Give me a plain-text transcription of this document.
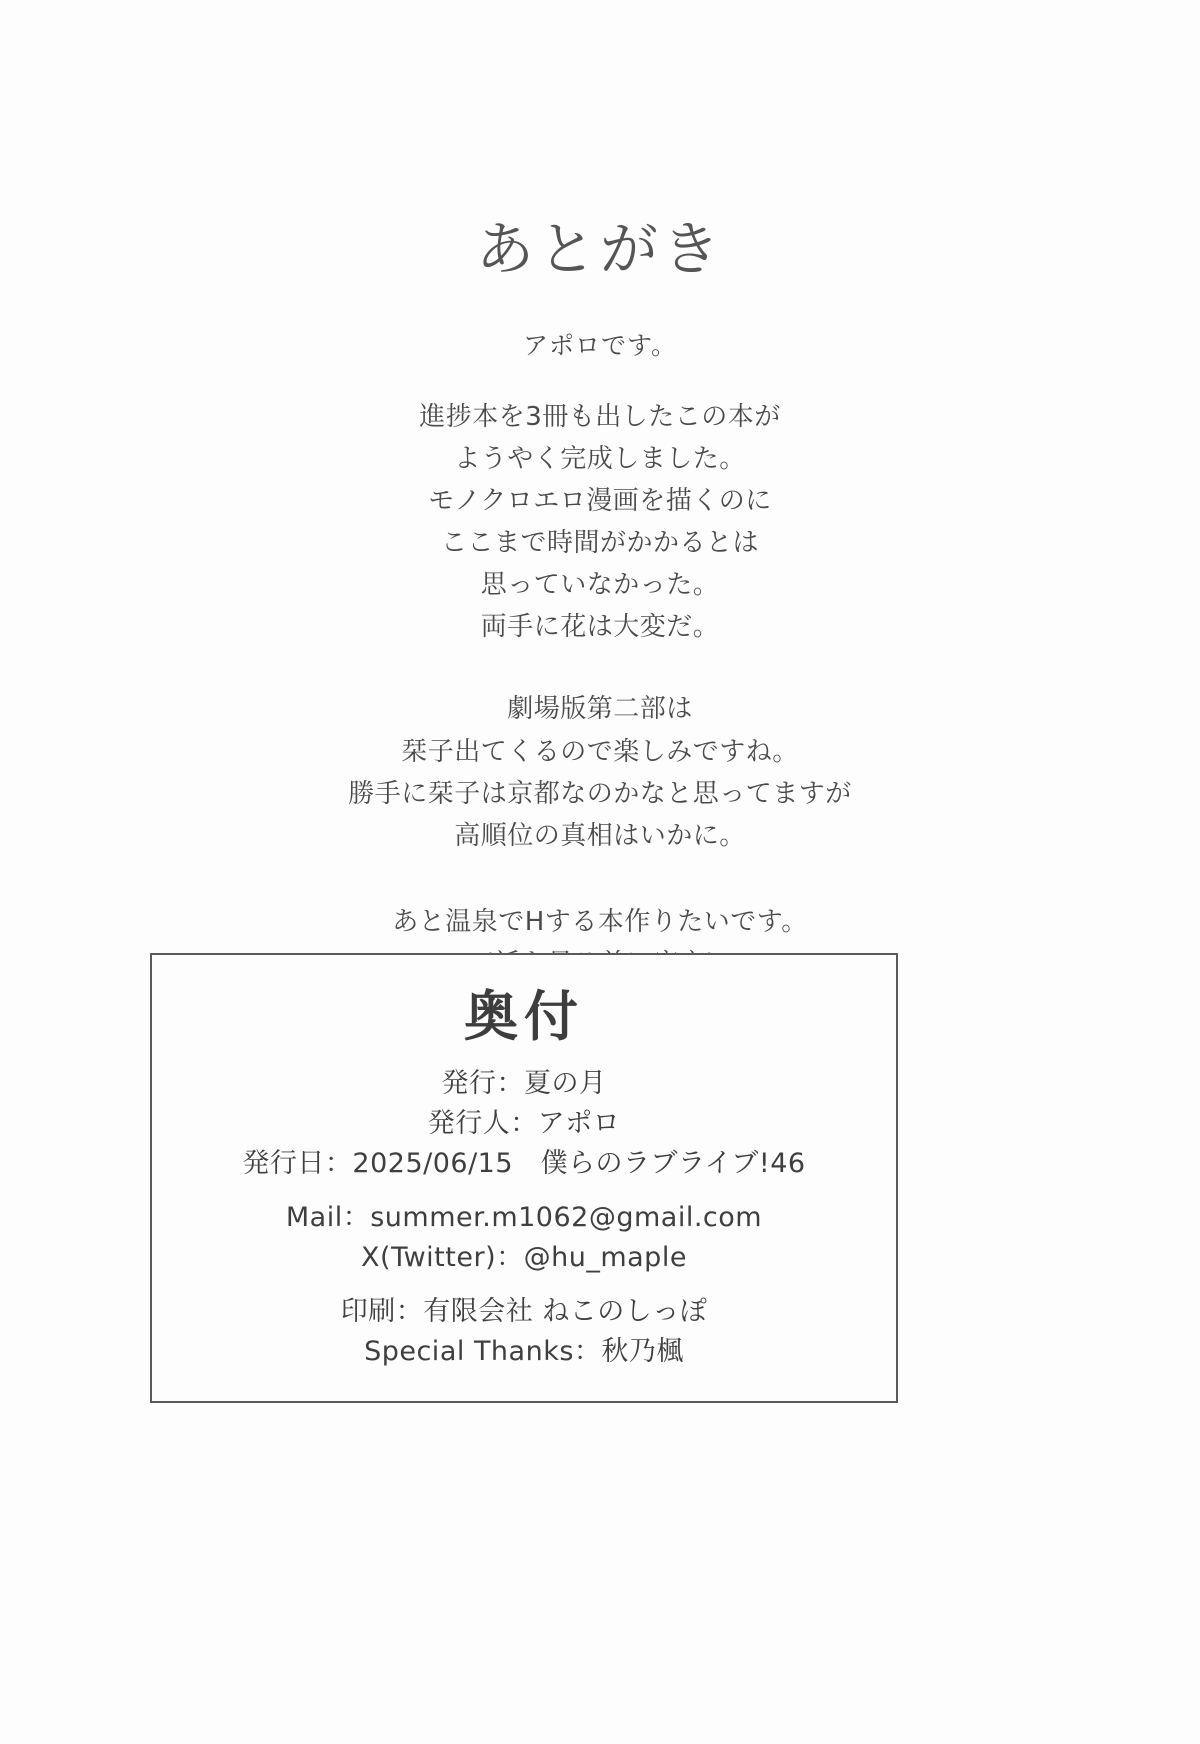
あとがき
アポロです。
進捗本を3冊も出したこの本が
ようやく完成しました。
モノクロエロ漫画を描くのに
ここまで時間がかかるとは
思っていなかった。
両手に花は大変だ。
劇場版第二部は
栞子出てくるので楽しみですね。
勝手に栞子は京都なのかなと思ってますが
高順位の真相はいかに。
あと温泉でHする本作りたいです。
奥付
発行：夏の月
発行人：アポロ
発行日：2025/06/15　僕らのラブライブ!46
Mail：summer.m1062@gmail.com
X(Twitter)：@hu_maple
印刷：有限会社 ねこのしっぽ
Special Thanks：秋乃楓
